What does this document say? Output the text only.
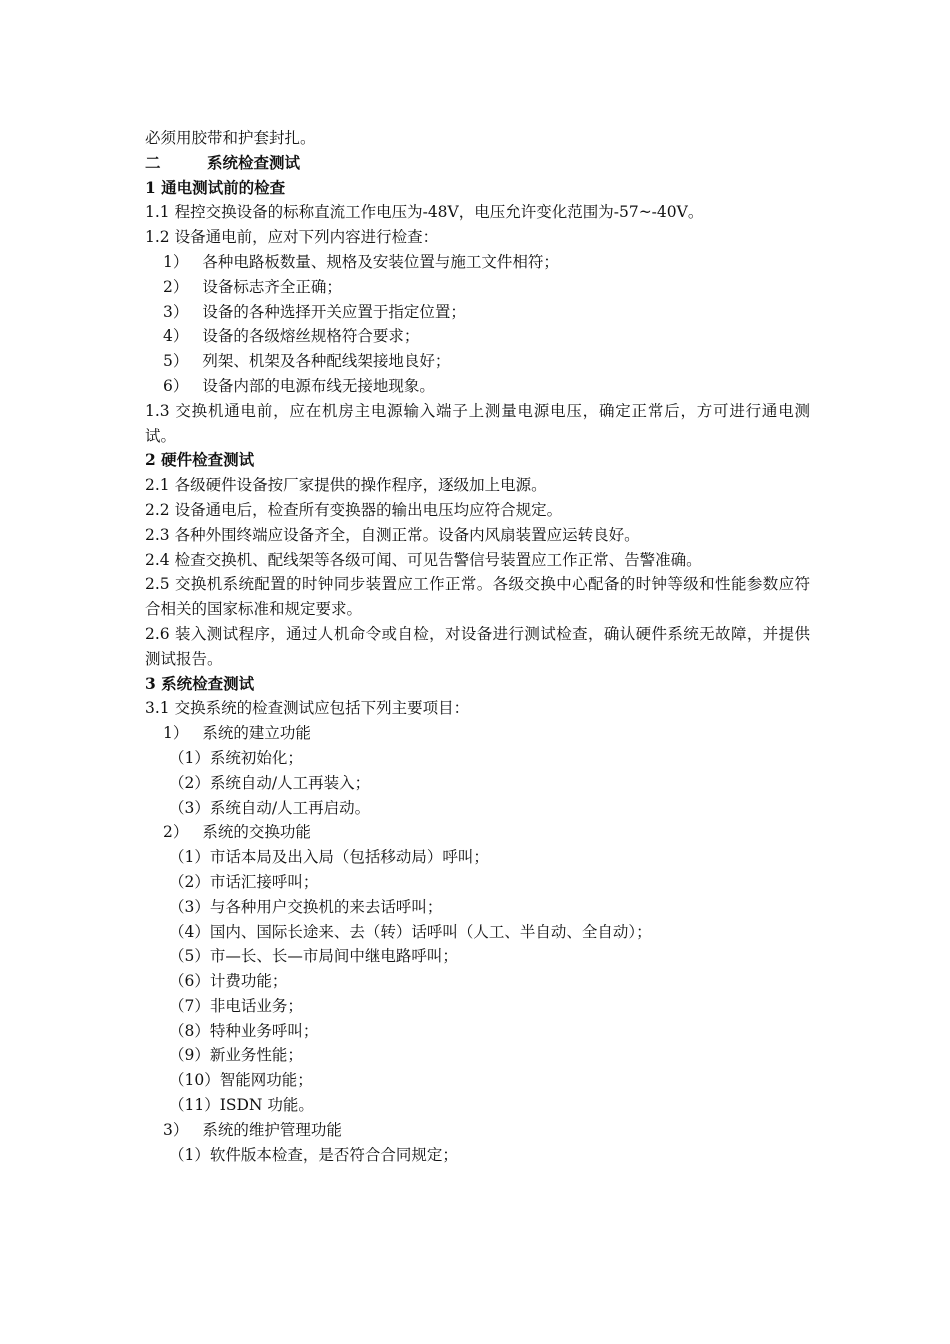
必须用胶带和护套封扎。
二　　　系统检查测试
1 通电测试前的检查
1.1 程控交换设备的标称直流工作电压为-48V，电压允许变化范围为-57~-40V。
1.2 设备通电前，应对下列内容进行检查：
1） 各种电路板数量、规格及安装位置与施工文件相符；
2） 设备标志齐全正确；
3） 设备的各种选择开关应置于指定位置；
4） 设备的各级熔丝规格符合要求；
5） 列架、机架及各种配线架接地良好；
6） 设备内部的电源布线无接地现象。
1.3 交换机通电前，应在机房主电源输入端子上测量电源电压，确定正常后，方可进行通电测试。
2 硬件检查测试
2.1 各级硬件设备按厂家提供的操作程序，逐级加上电源。
2.2 设备通电后，检查所有变换器的输出电压均应符合规定。
2.3 各种外围终端应设备齐全，自测正常。设备内风扇装置应运转良好。
2.4 检查交换机、配线架等各级可闻、可见告警信号装置应工作正常、告警准确。
2.5 交换机系统配置的时钟同步装置应工作正常。各级交换中心配备的时钟等级和性能参数应符合相关的国家标准和规定要求。
2.6 装入测试程序，通过人机命令或自检，对设备进行测试检查，确认硬件系统无故障，并提供测试报告。
3 系统检查测试
3.1 交换系统的检查测试应包括下列主要项目：
1） 系统的建立功能
（1）系统初始化；
（2）系统自动/人工再装入；
（3）系统自动/人工再启动。
2） 系统的交换功能
（1）市话本局及出入局（包括移动局）呼叫；
（2）市话汇接呼叫；
（3）与各种用户交换机的来去话呼叫；
（4）国内、国际长途来、去（转）话呼叫（人工、半自动、全自动）；
（5）市—长、长—市局间中继电路呼叫；
（6）计费功能；
（7）非电话业务；
（8）特种业务呼叫；
（9）新业务性能；
（10）智能网功能；
（11）ISDN 功能。
3） 系统的维护管理功能
（1）软件版本检查，是否符合合同规定；
